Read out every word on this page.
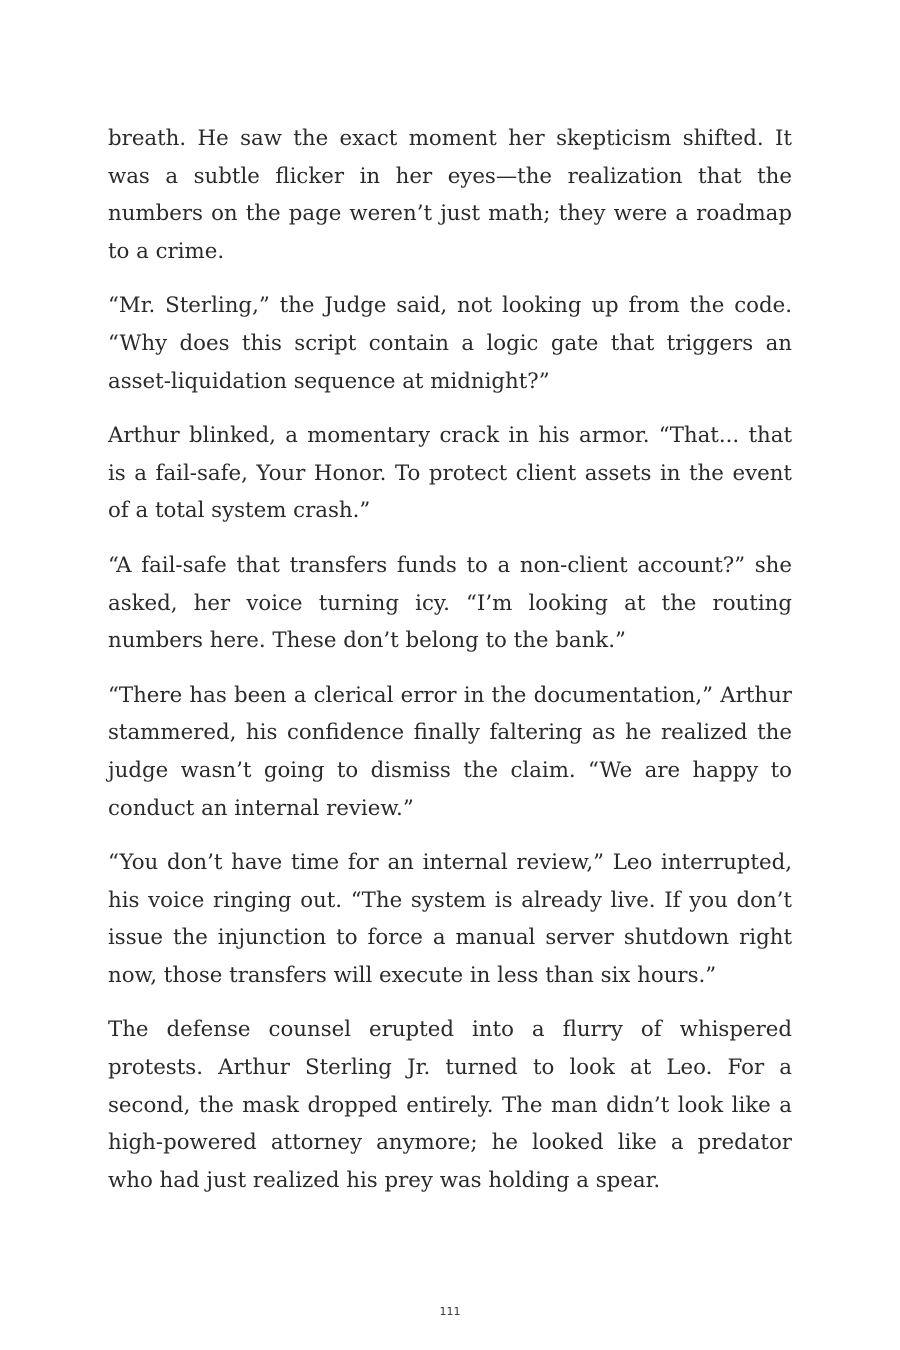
breath. He saw the exact moment her skepticism shifted. It was a subtle flicker in her eyes—the realization that the numbers on the page weren’t just math; they were a roadmap to a crime.

“Mr. Sterling,” the Judge said, not looking up from the code. “Why does this script contain a logic gate that triggers an asset-liquidation sequence at midnight?”

Arthur blinked, a momentary crack in his armor. “That... that is a fail-safe, Your Honor. To protect client assets in the event of a total system crash.”

“A fail-safe that transfers funds to a non-client account?” she asked, her voice turning icy. “I’m looking at the routing numbers here. These don’t belong to the bank.”

“There has been a clerical error in the documentation,” Arthur stammered, his confidence finally faltering as he realized the judge wasn’t going to dismiss the claim. “We are happy to conduct an internal review.”

“You don’t have time for an internal review,” Leo interrupted, his voice ringing out. “The system is already live. If you don’t issue the injunction to force a manual server shutdown right now, those transfers will execute in less than six hours.”

The defense counsel erupted into a flurry of whispered protests. Arthur Sterling Jr. turned to look at Leo. For a second, the mask dropped entirely. The man didn’t look like a high-powered attorney anymore; he looked like a predator who had just realized his prey was holding a spear.

111
